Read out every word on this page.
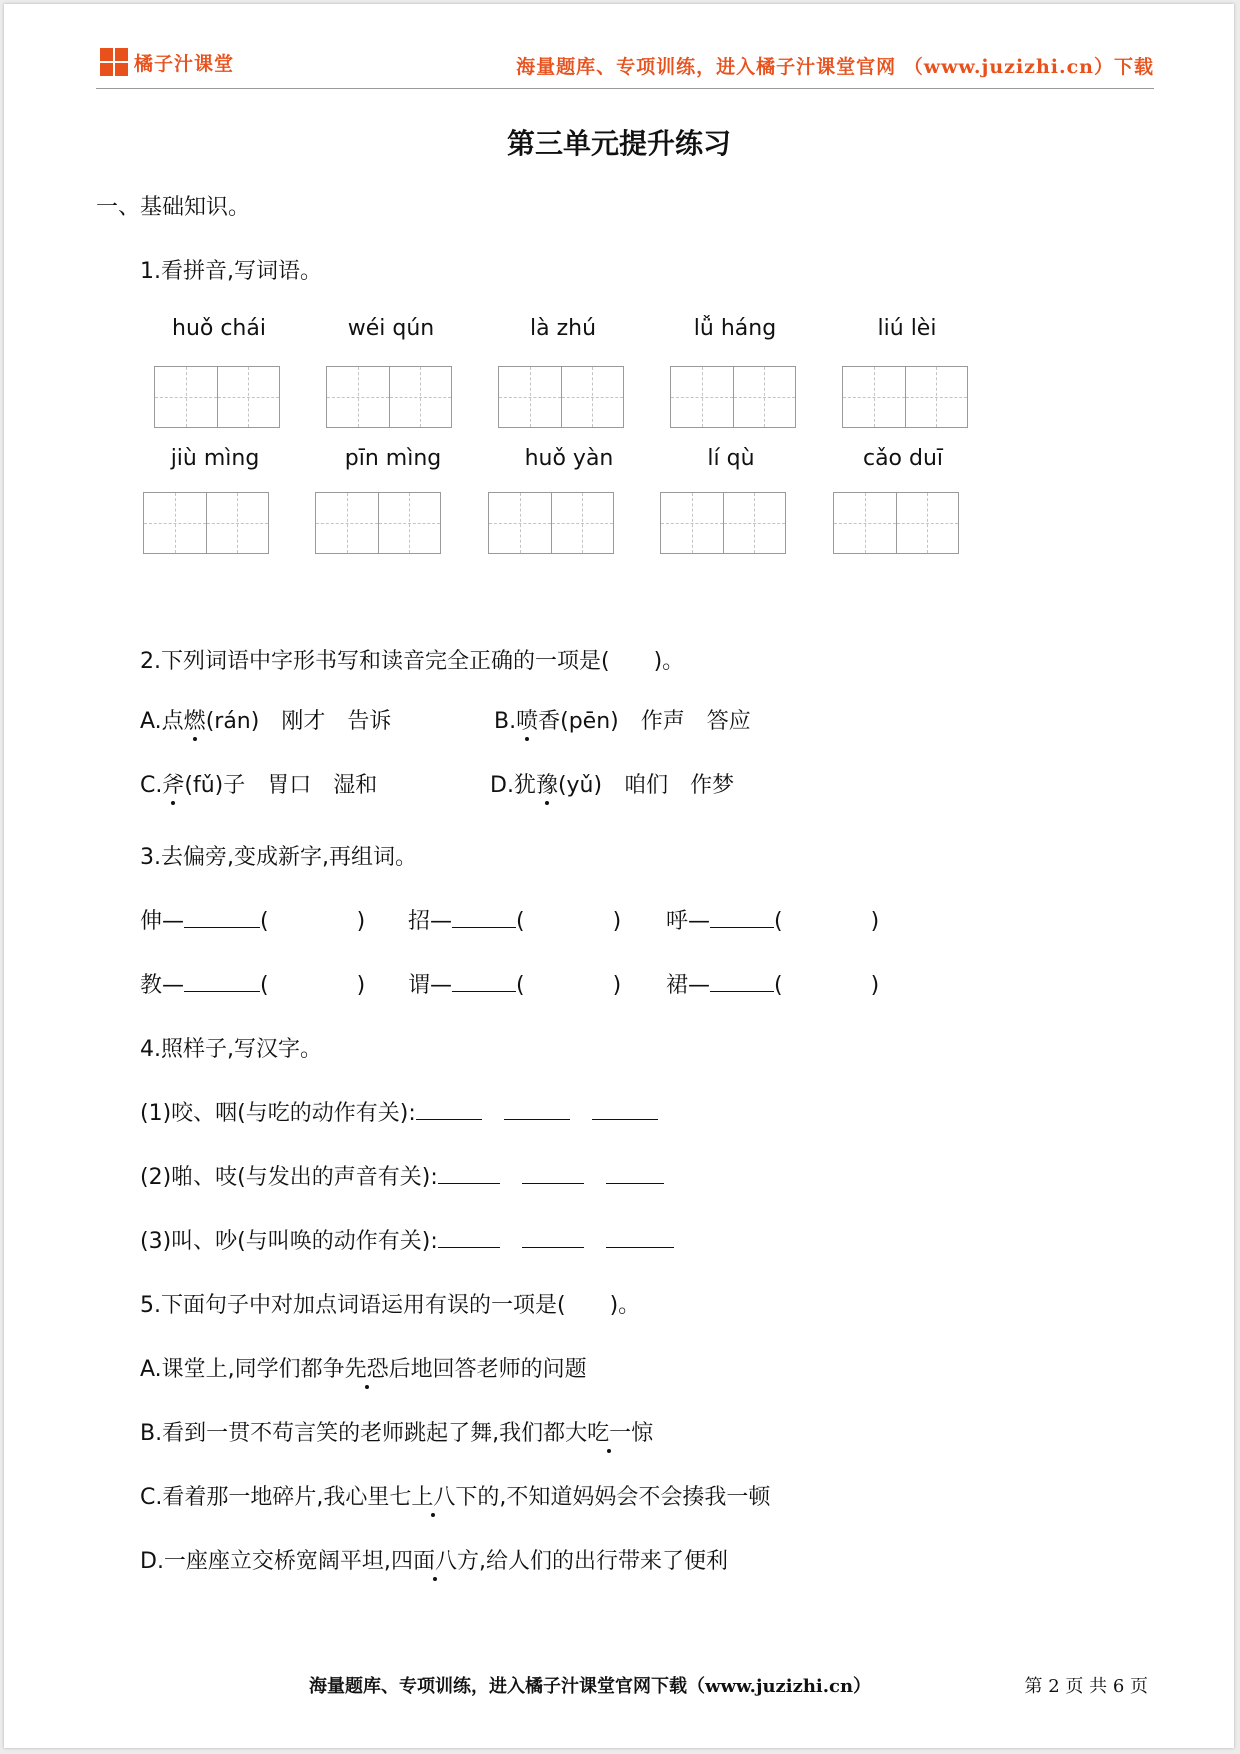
橘子汁课堂	海量题库、专项训练，进入橘子汁课堂官网 （www.juzizhi.cn）下载
第三单元提升练习
一、基础知识。
1.看拼音,写词语。
huǒ chái	wéi qún	là zhú	lǚ háng	liú lèi
jiù mìng	pīn mìng	huǒ yàn	lí qù	cǎo duī
2.下列词语中字形书写和读音完全正确的一项是(　　)。
A.点燃(rán)　刚才　告诉	B.喷香(pēn)　作声　答应
C.斧(fǔ)子　胃口　湿和	D.犹豫(yǔ)　咱们　作梦
3.去偏旁,变成新字,再组词。
伸—	(	) 招—	(	) 呼—	(	)
教—	(	) 谓—	(	) 裙—	(	)
4.照样子,写汉字。
(1)咬、咽(与吃的动作有关):
(2)啪、吱(与发出的声音有关):
(3)叫、吵(与叫唤的动作有关):
5.下面句子中对加点词语运用有误的一项是(　　)。
A.课堂上,同学们都争先恐后地回答老师的问题
B.看到一贯不苟言笑的老师跳起了舞,我们都大吃一惊
C.看着那一地碎片,我心里七上八下的,不知道妈妈会不会揍我一顿
D.一座座立交桥宽阔平坦,四面八方,给人们的出行带来了便利
海量题库、专项训练，进入橘子汁课堂官网下载（www.juzizhi.cn）	第 2 页 共 6 页
